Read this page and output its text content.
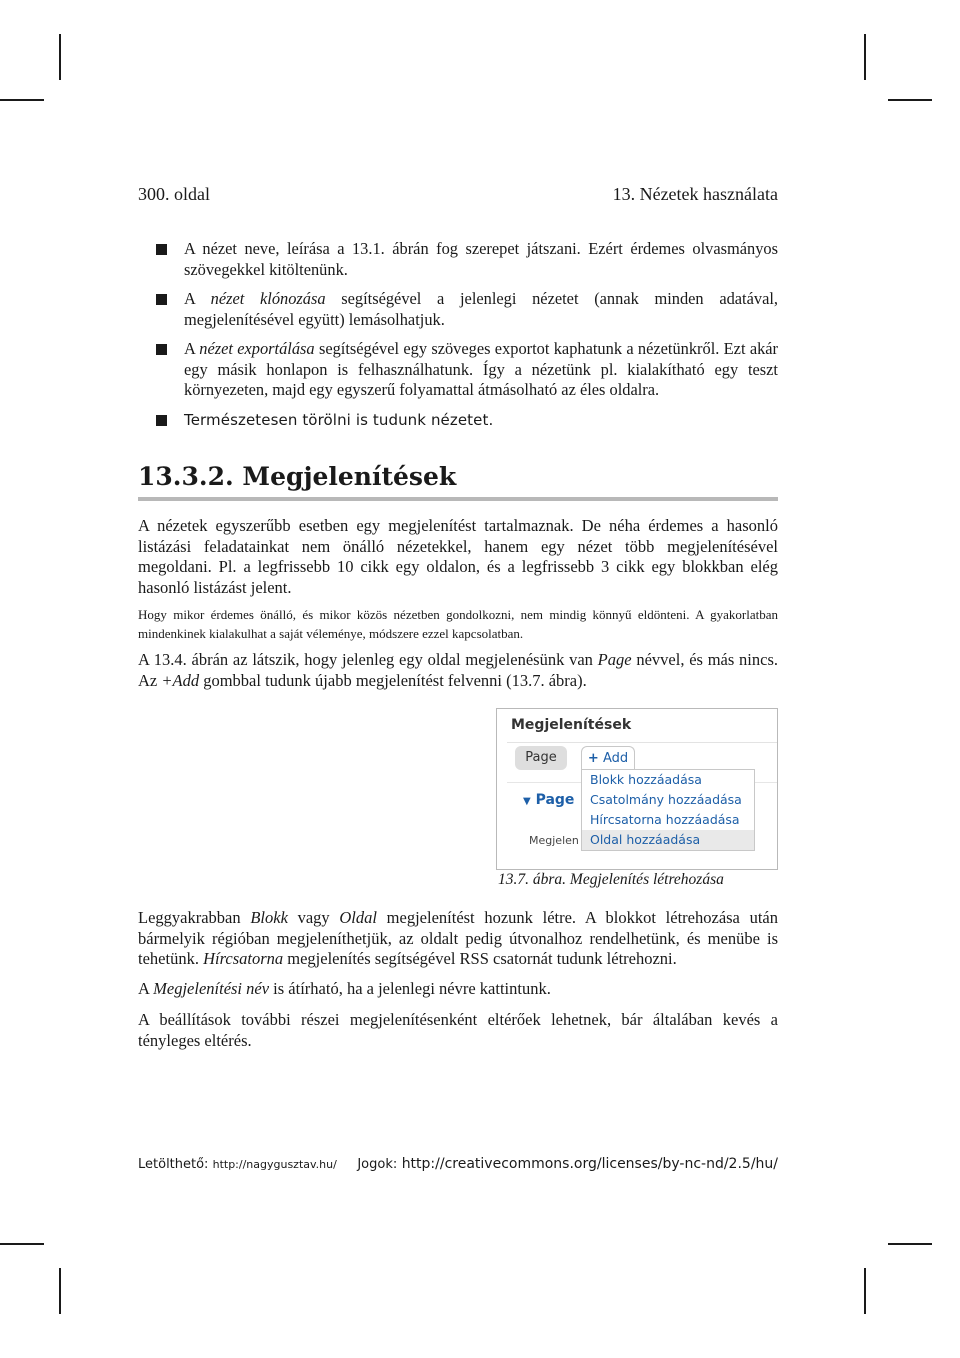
300. oldal	13. Nézetek használata
A nézet neve, leírása a 13.1. ábrán fog szerepet játszani. Ezért érdemes olvasmányos szövegekkel kitöltenünk.
A nézet klónozása segítségével a jelenlegi nézetet (annak minden adatával, megjelenítésével együtt) lemásolhatjuk.
A nézet exportálása segítségével egy szöveges exportot kaphatunk a nézetünkről. Ezt akár egy másik honlapon is felhasználhatunk. Így a nézetünk pl. kialakítható egy teszt környezeten, majd egy egyszerű folyamattal átmásolható az éles oldalra.
Természetesen törölni is tudunk nézetet.
13.3.2. Megjelenítések

A nézetek egyszerűbb esetben egy megjelenítést tartalmaznak. De néha érdemes a hasonló listázási feladatainkat nem önálló nézetekkel, hanem egy nézet több megjelenítésével megoldani. Pl. a legfrissebb 10 cikk egy oldalon, és a legfrissebb 3 cikk egy blokkban elég hasonló listázást jelent.

Hogy mikor érdemes önálló, és mikor közös nézetben gondolkozni, nem mindig könnyű eldönteni. A gyakorlatban mindenkinek kialakulhat a saját véleménye, módszere ezzel kapcsolatban.

A 13.4. ábrán az látszik, hogy jelenleg egy oldal megjelenésünk van Page névvel, és más nincs. Az +Add gombbal tudunk újabb megjelenítést felvenni (13.7. ábra).

Megjelenítések
Page	+ Add
▼ Page
Megjelen
Blokk hozzáadása
Csatolmány hozzáadása
Hírcsatorna hozzáadása
Oldal hozzáadása
13.7. ábra. Megjelenítés létrehozása

Leggyakrabban Blokk vagy Oldal megjelenítést hozunk létre. A blokkot létrehozása után bármelyik régióban megjeleníthetjük, az oldalt pedig útvonalhoz rendelhetünk, és menübe is tehetünk. Hírcsatorna megjelenítés segítségével RSS csatornát tudunk létrehozni.

A Megjelenítési név is átírható, ha a jelenlegi névre kattintunk.

A beállítások további részei megjelenítésenként eltérőek lehetnek, bár általában kevés a tényleges eltérés.

Letölthető: http://nagygusztav.hu/ Jogok: http://creativecommons.org/licenses/by-nc-nd/2.5/hu/
